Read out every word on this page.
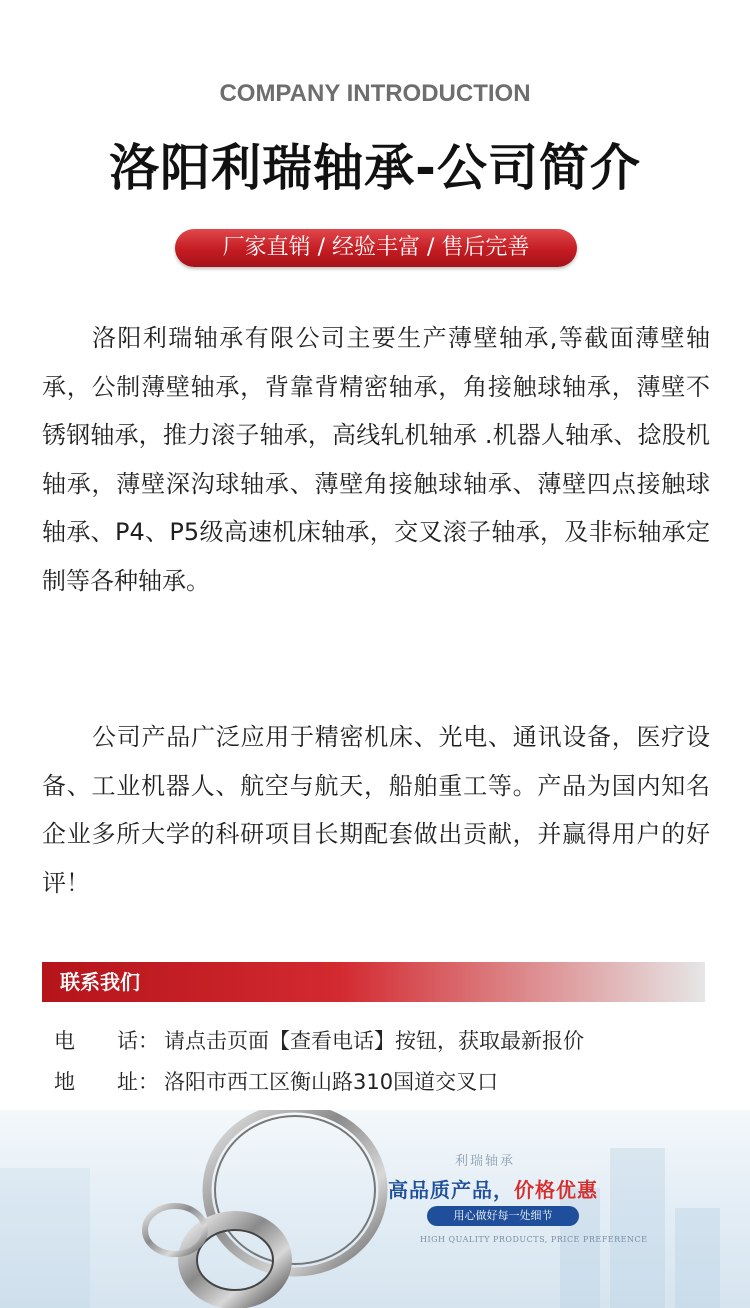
COMPANY INTRODUCTION
洛阳利瑞轴承-公司简介
厂家直销 / 经验丰富 / 售后完善

洛阳利瑞轴承有限公司主要生产薄壁轴承,等截面薄壁轴承，公制薄壁轴承，背靠背精密轴承，角接触球轴承，薄壁不锈钢轴承，推力滚子轴承，高线轧机轴承 .机器人轴承、捻股机轴承，薄壁深沟球轴承、薄壁角接触球轴承、薄壁四点接触球轴承、P4、P5级高速机床轴承，交叉滚子轴承，及非标轴承定制等各种轴承。

公司产品广泛应用于精密机床、光电、通讯设备，医疗设备、工业机器人、航空与航天，船舶重工等。产品为国内知名企业多所大学的科研项目长期配套做出贡献，并赢得用户的好评！

联系我们
电　　话： 请点击页面【查看电话】按钮，获取最新报价
地　　址： 洛阳市西工区衡山路310国道交叉口
利瑞轴承
高品质产品，价格优惠
用心做好每一处细节
HIGH QUALITY PRODUCTS, PRICE PREFERENCE
